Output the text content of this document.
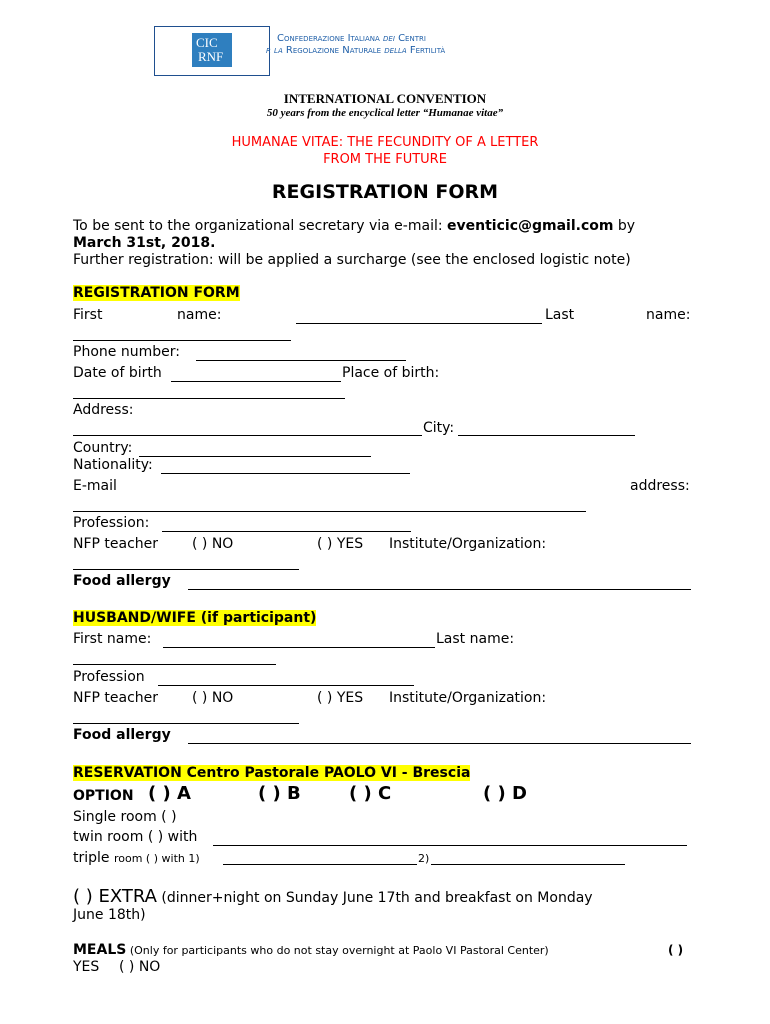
CIC
RNF
Confederazione Italiana dei Centri
r la Regolazione Naturale della Fertilità
INTERNATIONAL CONVENTION
50 years from the encyclical letter “Humanae vitae”
HUMANAE VITAE: THE FECUNDITY OF A LETTER
FROM THE FUTURE
REGISTRATION FORM
To be sent to the organizational secretary via e-mail: eventicic@gmail.com by
March 31st, 2018.
Further registration: will be applied a surcharge (see the enclosed logistic note)
REGISTRATION FORM
First	name:	Last	name:
Phone number:
Date of birth	Place of birth:
Address:
City:
Country:
Nationality:
E-mail	address:
Profession:
NFP teacher ( ) NO	( ) YES Institute/Organization:
Food allergy
HUSBAND/WIFE (if participant)
First name:	Last name:
Profession
NFP teacher ( ) NO	( ) YES Institute/Organization:
Food allergy
RESERVATION Centro Pastorale PAOLO VI - Brescia
OPTION ( ) A	( ) B	( ) C	( ) D
Single room ( )
twin room ( ) with
triple room ( ) with 1)	2)
( ) EXTRA (dinner+night on Sunday June 17th and breakfast on Monday
June 18th)
MEALS (Only for participants who do not stay overnight at Paolo VI Pastoral Center)	( )
YES ( ) NO
